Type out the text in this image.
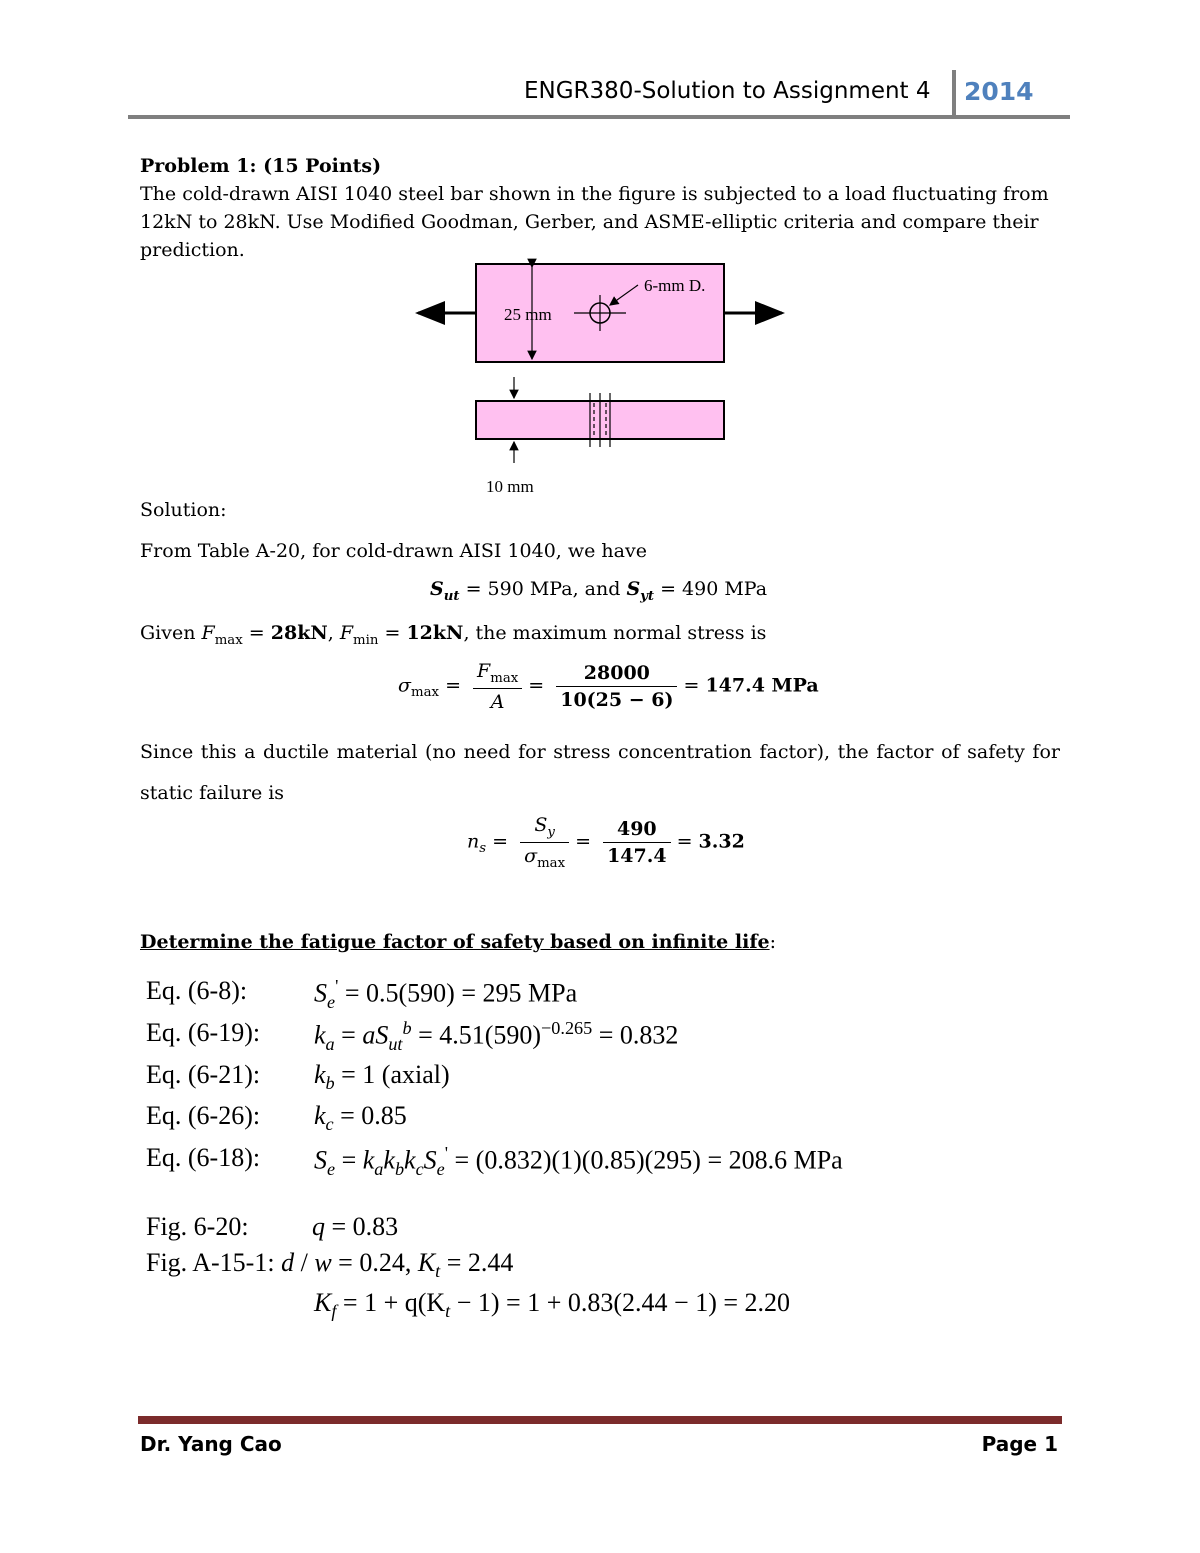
ENGR380-Solution to Assignment 4 2014
Problem 1: (15 Points)
The cold-drawn AISI 1040 steel bar shown in the figure is subjected to a load fluctuating from 12kN to 28kN. Use Modified Goodman, Gerber, and ASME-elliptic criteria and compare their prediction.
6-mm D.
25 mm
10 mm
Solution:
From Table A-20, for cold-drawn AISI 1040, we have
$S_{ut} = 590$ MPa, and $S_{yt} = 490$ MPa
Given $F_{max} = 28kN$, $F_{min} = 12kN$, the maximum normal stress is
$\sigma_{max} = \frac{F_{max}}{A} = \frac{28000}{10(25 - 6)} = 147.4$ MPa
Since this a ductile material (no need for stress concentration factor), the factor of safety for static failure is
$n_s = \frac{S_y}{\sigma_{max}} = \frac{490}{147.4} = 3.32$
Determine the fatigue factor of safety based on infinite life:
Eq. (6-8):	$S_e' = 0.5(590) = 295$ MPa
Eq. (6-19): $k_a = aS_{ut}^b = 4.51(590)^{-0.265} = 0.832$
Eq. (6-21): $k_b = 1$ (axial)
Eq. (6-26): $k_c = 0.85$
Eq. (6-18): $S_e = k_ak_bk_cS_e' = (0.832)(1)(0.85)(295) = 208.6$ MPa
Fig. 6-20: q = 0.83
Fig. A-15-1: d / w = 0.24, $K_t = 2.44$
$K_f = 1 + q(K_t - 1) = 1 + 0.83(2.44 - 1) = 2.20$
Dr. Yang Cao	Page 1
